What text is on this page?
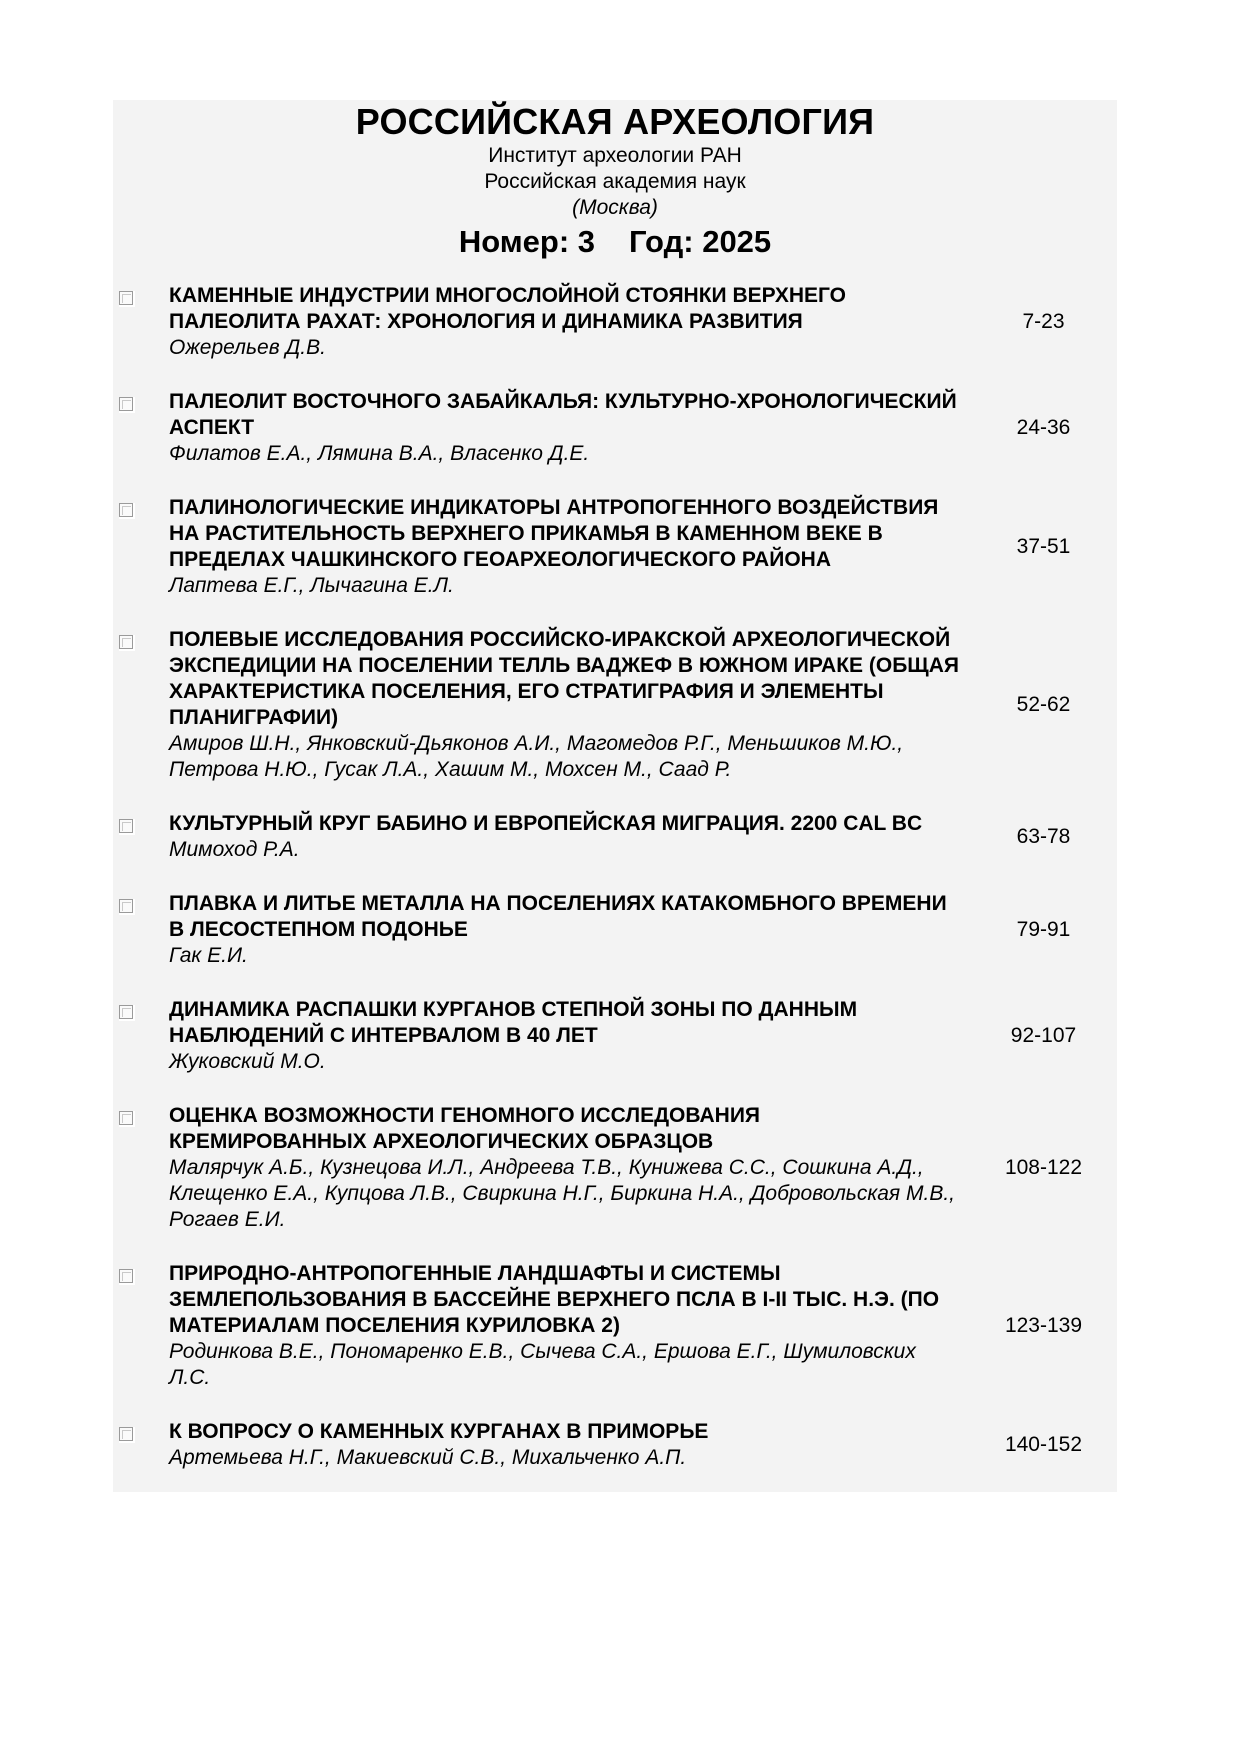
РОССИЙСКАЯ АРХЕОЛОГИЯ
Институт археологии РАН
Российская академия наук
(Москва)
Номер: 3 Год: 2025
КАМЕННЫЕ ИНДУСТРИИ МНОГОСЛОЙНОЙ СТОЯНКИ ВЕРХНЕГО ПАЛЕОЛИТА РАХАТ: ХРОНОЛОГИЯ И ДИНАМИКА РАЗВИТИЯ
Ожерельев Д.В.
7-23
ПАЛЕОЛИТ ВОСТОЧНОГО ЗАБАЙКАЛЬЯ: КУЛЬТУРНО-ХРОНОЛОГИЧЕСКИЙ АСПЕКТ
Филатов Е.А., Лямина В.А., Власенко Д.Е.
24-36
ПАЛИНОЛОГИЧЕСКИЕ ИНДИКАТОРЫ АНТРОПОГЕННОГО ВОЗДЕЙСТВИЯ НА РАСТИТЕЛЬНОСТЬ ВЕРХНЕГО ПРИКАМЬЯ В КАМЕННОМ ВЕКЕ В ПРЕДЕЛАХ ЧАШКИНСКОГО ГЕОАРХЕОЛОГИЧЕСКОГО РАЙОНА
Лаптева Е.Г., Лычагина Е.Л.
37-51
ПОЛЕВЫЕ ИССЛЕДОВАНИЯ РОССИЙСКО-ИРАКСКОЙ АРХЕОЛОГИЧЕСКОЙ ЭКСПЕДИЦИИ НА ПОСЕЛЕНИИ ТЕЛЛЬ ВАДЖЕФ В ЮЖНОМ ИРАКЕ (ОБЩАЯ ХАРАКТЕРИСТИКА ПОСЕЛЕНИЯ, ЕГО СТРАТИГРАФИЯ И ЭЛЕМЕНТЫ ПЛАНИГРАФИИ)
Амиров Ш.Н., Янковский-Дьяконов А.И., Магомедов Р.Г., Меньшиков М.Ю., Петрова Н.Ю., Гусак Л.А., Хашим М., Мохсен М., Саад Р.
52-62
КУЛЬТУРНЫЙ КРУГ БАБИНО И ЕВРОПЕЙСКАЯ МИГРАЦИЯ. 2200 CAL BC
Мимоход Р.А.
63-78
ПЛАВКА И ЛИТЬЕ МЕТАЛЛА НА ПОСЕЛЕНИЯХ КАТАКОМБНОГО ВРЕМЕНИ В ЛЕСОСТЕПНОМ ПОДОНЬЕ
Гак Е.И.
79-91
ДИНАМИКА РАСПАШКИ КУРГАНОВ СТЕПНОЙ ЗОНЫ ПО ДАННЫМ НАБЛЮДЕНИЙ С ИНТЕРВАЛОМ В 40 ЛЕТ
Жуковский М.О.
92-107
ОЦЕНКА ВОЗМОЖНОСТИ ГЕНОМНОГО ИССЛЕДОВАНИЯ КРЕМИРОВАННЫХ АРХЕОЛОГИЧЕСКИХ ОБРАЗЦОВ
Малярчук А.Б., Кузнецова И.Л., Андреева Т.В., Кунижева С.С., Сошкина А.Д., Клещенко Е.А., Купцова Л.В., Свиркина Н.Г., Биркина Н.А., Добровольская М.В., Рогаев Е.И.
108-122
ПРИРОДНО-АНТРОПОГЕННЫЕ ЛАНДШАФТЫ И СИСТЕМЫ ЗЕМЛЕПОЛЬЗОВАНИЯ В БАССЕЙНЕ ВЕРХНЕГО ПСЛА В I-II ТЫС. Н.Э. (ПО МАТЕРИАЛАМ ПОСЕЛЕНИЯ КУРИЛОВКА 2)
Родинкова В.Е., Пономаренко Е.В., Сычева С.А., Ершова Е.Г., Шумиловских Л.С.
123-139
К ВОПРОСУ О КАМЕННЫХ КУРГАНАХ В ПРИМОРЬЕ
Артемьева Н.Г., Макиевский С.В., Михальченко А.П.
140-152
